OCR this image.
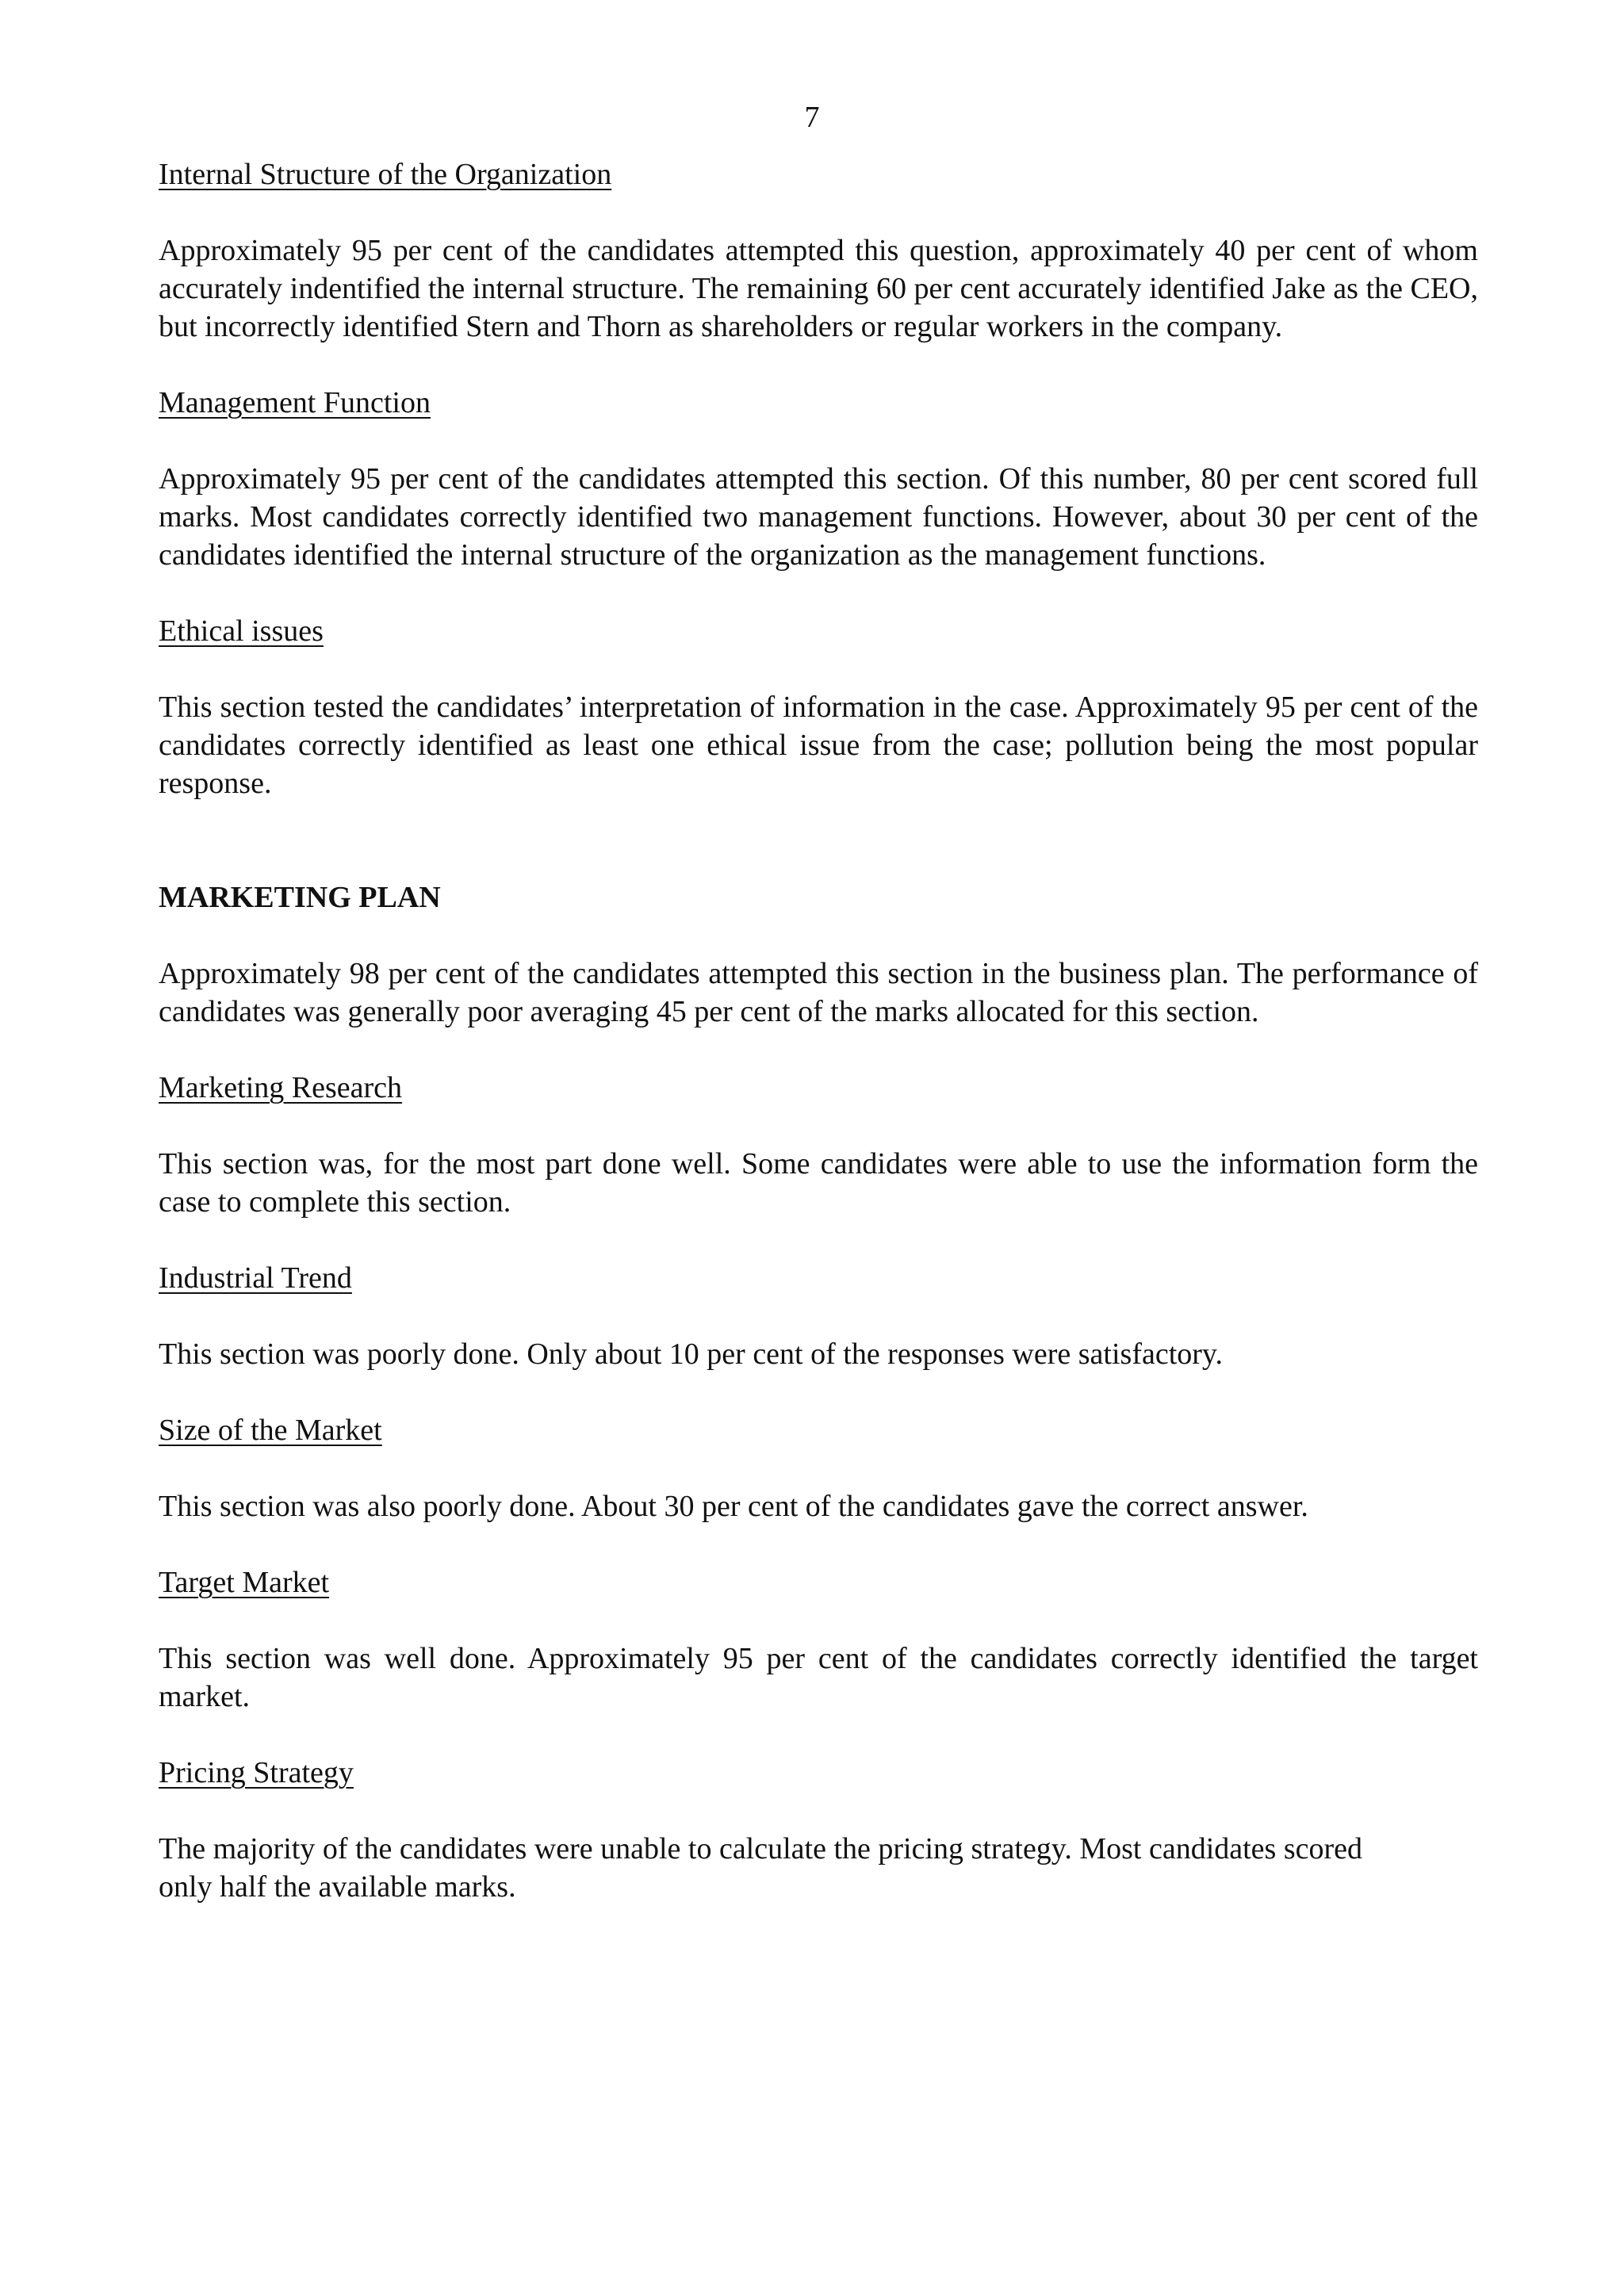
7

Internal Structure of the Organization

Approximately 95 per cent of the candidates attempted this question, approximately 40 per cent of whom accurately indentified the internal structure. The remaining 60 per cent accurately identified Jake as the CEO, but incorrectly identified Stern and Thorn as shareholders or regular workers in the company.

Management Function

Approximately 95 per cent of the candidates attempted this section. Of this number, 80 per cent scored full marks. Most candidates correctly identified two management functions. However, about 30 per cent of the candidates identified the internal structure of the organization as the management functions.

Ethical issues

This section tested the candidates’ interpretation of information in the case. Approximately 95 per cent of the candidates correctly identified as least one ethical issue from the case; pollution being the most popular response.

MARKETING PLAN

Approximately 98 per cent of the candidates attempted this section in the business plan. The performance of candidates was generally poor averaging 45 per cent of the marks allocated for this section.

Marketing Research

This section was, for the most part done well. Some candidates were able to use the information form the case to complete this section.

Industrial Trend

This section was poorly done. Only about 10 per cent of the responses were satisfactory.

Size of the Market

This section was also poorly done. About 30 per cent of the candidates gave the correct answer.

Target Market

This section was well done. Approximately 95 per cent of the candidates correctly identified the target market.

Pricing Strategy

The majority of the candidates were unable to calculate the pricing strategy. Most candidates scored only half the available marks.
